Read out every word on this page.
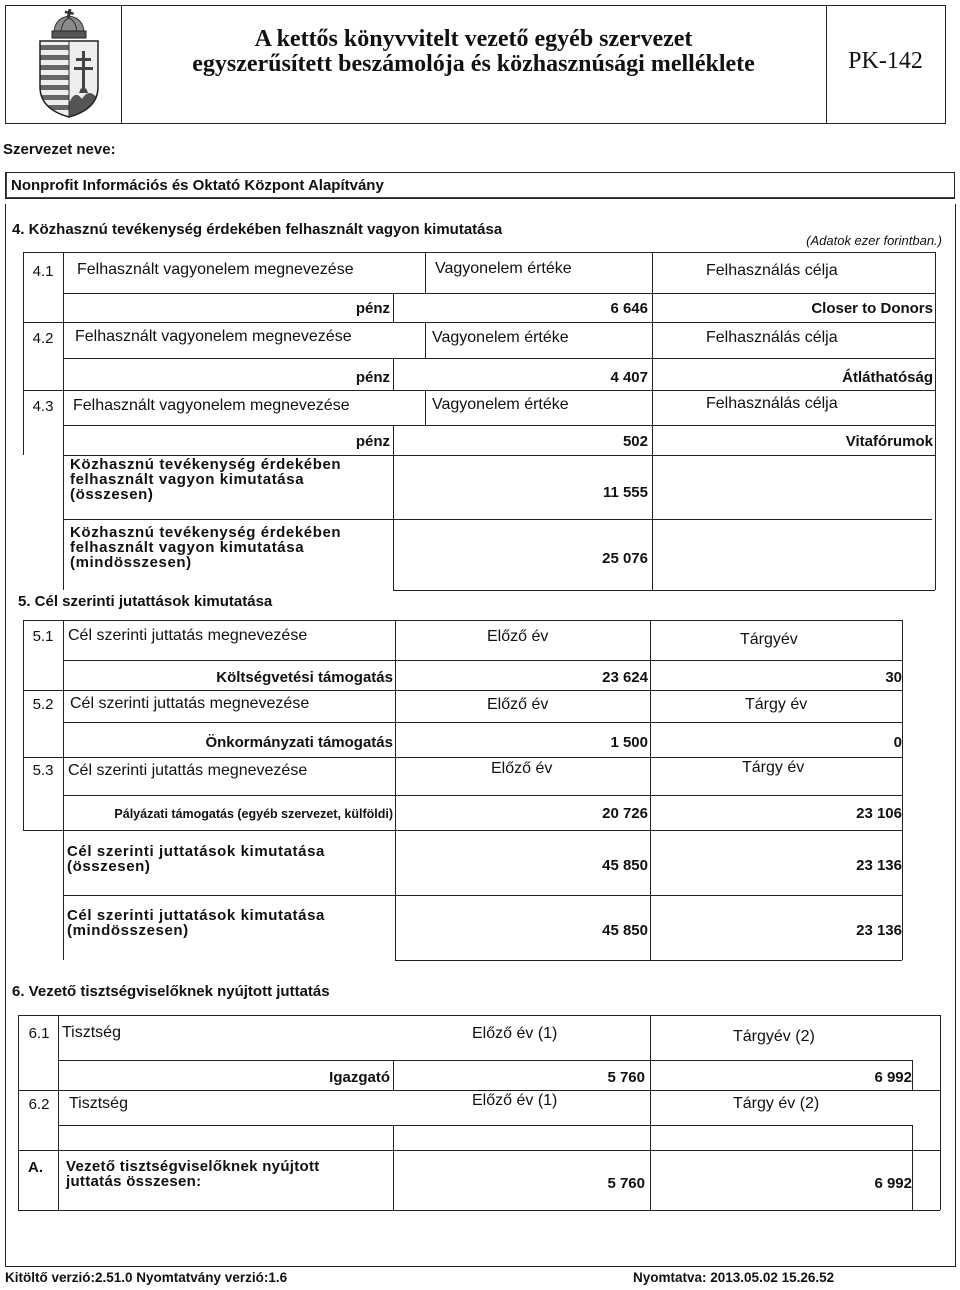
A kettős könyvvitelt vezető egyéb szervezet
egyszerűsített beszámolója és közhasznúsági melléklete	PK-142
Szervezet neve:
Nonprofit Információs és Oktató Központ Alapítvány
4. Közhasznú tevékenység érdekében felhasznált vagyon kimutatása
(Adatok ezer forintban.)
4.1	Felhasznált vagyonelem megnevezése	Vagyonelem értéke	Felhasználás célja
pénz	6 646	Closer to Donors
4.2	Felhasznált vagyonelem megnevezése	Vagyonelem értéke	Felhasználás célja
pénz	4 407	Átláthatóság
4.3	Felhasznált vagyonelem megnevezése	Vagyonelem értéke	Felhasználás célja
pénz	502	Vitafórumok
Közhasznú tevékenység érdekében
felhasznált vagyon kimutatása
(összesen)	11 555
Közhasznú tevékenység érdekében
felhasznált vagyon kimutatása
(mindösszesen)	25 076
5. Cél szerinti jutattások kimutatása
5.1 Cél szerinti juttatás megnevezése	Előző év	Tárgyév
Költségvetési támogatás	23 624	30
5.2	Cél szerinti juttatás megnevezése	Előző év	Tárgy év
Önkormányzati támogatás	1 500	0
5.3 Cél szerinti jutattás megnevezése	Előző év	Tárgy év
Pályázati támogatás (egyéb szervezet, külföldi)	20 726	23 106
Cél szerinti juttatások kimutatása
(összesen)	45 850	23 136
Cél szerinti juttatások kimutatása
(mindösszesen)	45 850	23 136
6. Vezető tisztségviselőknek nyújtott juttatás
6.1 Tisztség	Előző év (1)	Tárgyév (2)
Igazgató	5 760	6 992
6.2	Tisztség	Előző év (1)	Tárgy év (2)
A. Vezető tisztségviselőknek nyújtott
juttatás összesen:	5 760	6 992
Kitöltő verzió:2.51.0 Nyomtatvány verzió:1.6	Nyomtatva: 2013.05.02 15.26.52
